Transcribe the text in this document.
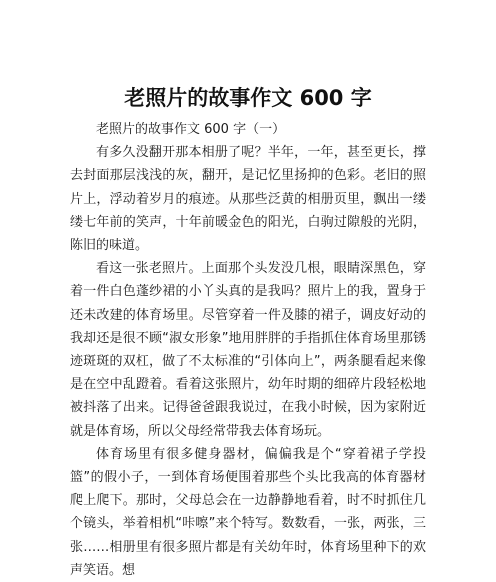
老照片的故事作文 600 字

老照片的故事作文 600 字（一）

有多久没翻开那本相册了呢？半年，一年，甚至更长，撑去封面那层浅浅的灰，翻开，是记忆里扬抑的色彩。老旧的照片上，浮动着岁月的痕迹。从那些泛黄的相册页里，飘出一缕缕七年前的笑声，十年前暖金色的阳光，白驹过隙般的光阴，陈旧的味道。

看这一张老照片。上面那个头发没几根，眼睛深黑色，穿着一件白色蓬纱裙的小丫头真的是我吗？照片上的我，置身于还未改建的体育场里。尽管穿着一件及膝的裙子，调皮好动的我却还是很不顾“淑女形象”地用胖胖的手指抓住体育场里那锈迹斑斑的双杠，做了不太标准的“引体向上”，两条腿看起来像是在空中乱蹬着。看着这张照片，幼年时期的细碎片段轻松地被抖落了出来。记得爸爸跟我说过，在我小时候，因为家附近就是体育场，所以父母经常带我去体育场玩。

体育场里有很多健身器材，偏偏我是个“穿着裙子学投篮”的假小子，一到体育场便围着那些个头比我高的体育器材爬上爬下。那时，父母总会在一边静静地看着，时不时抓住几个镜头，举着相机“咔嚓”来个特写。数数看，一张，两张，三张……相册里有很多照片都是有关幼年时，体育场里种下的欢声笑语。想
